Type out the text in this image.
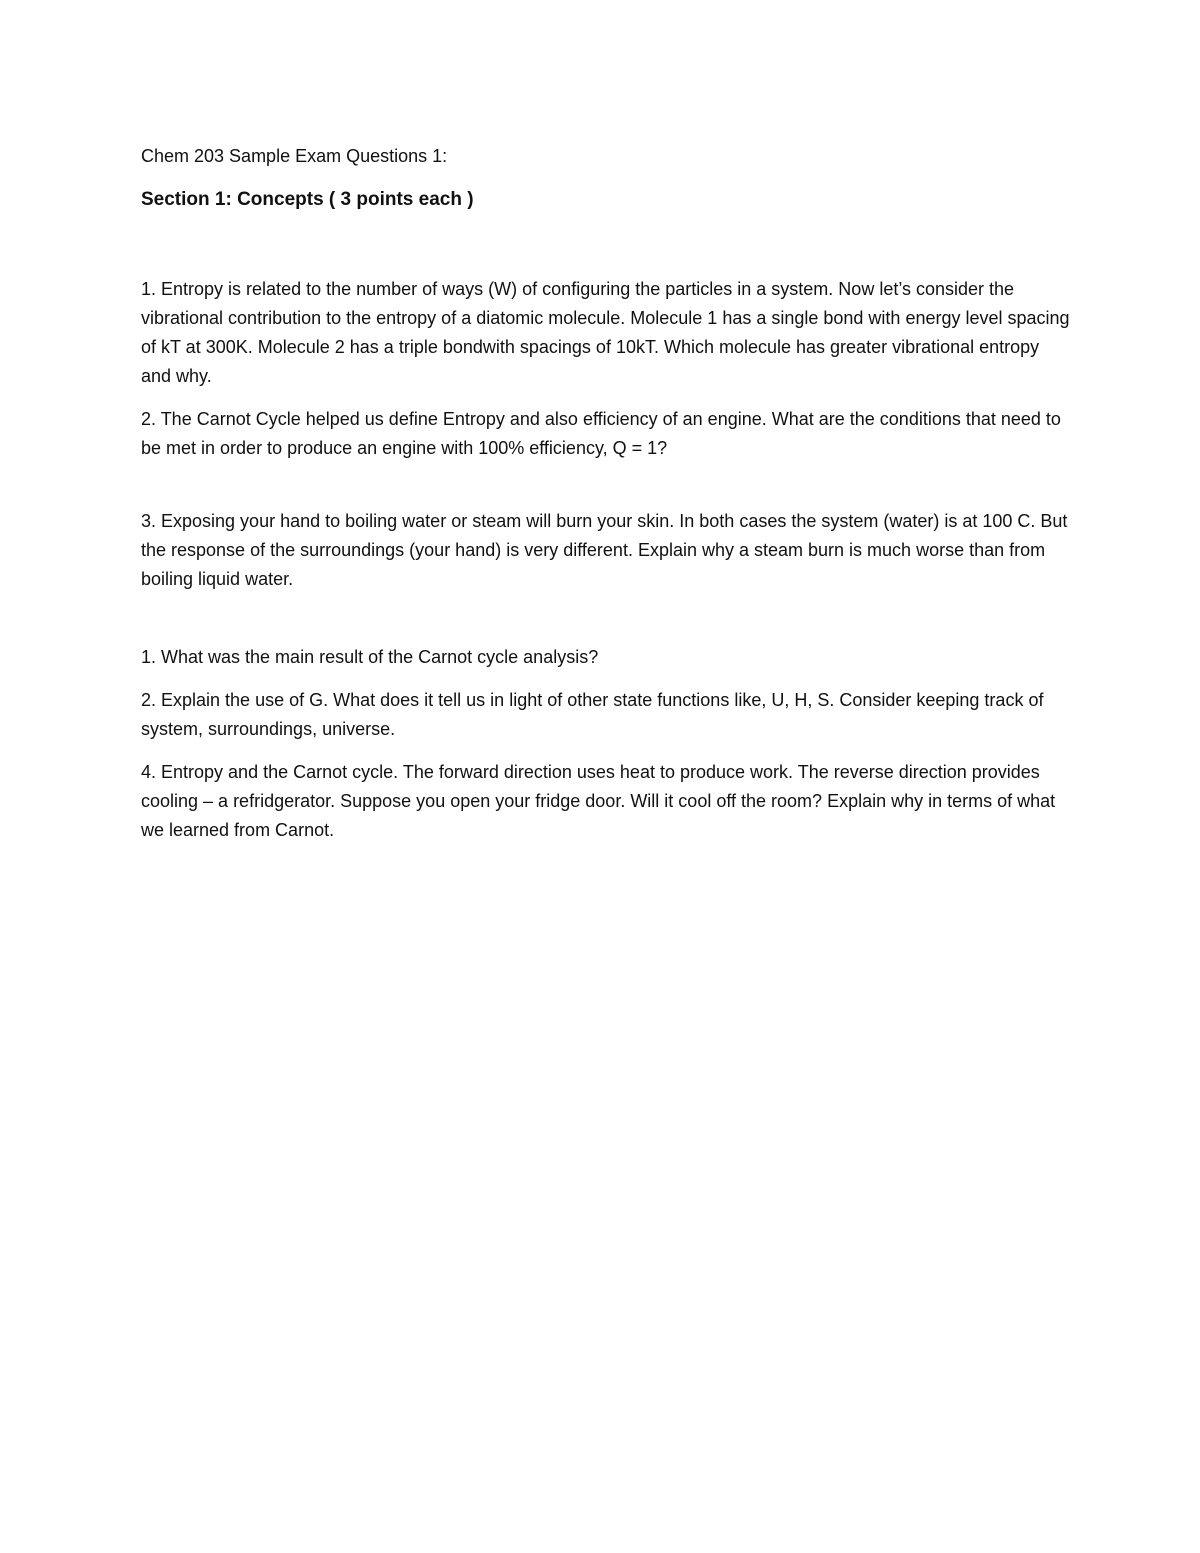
Chem 203 Sample Exam Questions 1:

Section 1: Concepts ( 3 points each )

1. Entropy is related to the number of ways (W) of configuring the particles in a system. Now let’s consider the vibrational contribution to the entropy of a diatomic molecule. Molecule 1 has a single bond with energy level spacing of kT at 300K. Molecule 2 has a triple bondwith spacings of 10kT. Which molecule has greater vibrational entropy and why.

2. The Carnot Cycle helped us define Entropy and also efficiency of an engine. What are the conditions that need to be met in order to produce an engine with 100% efficiency, Q = 1?

3. Exposing your hand to boiling water or steam will burn your skin. In both cases the system (water) is at 100 C. But the response of the surroundings (your hand) is very different. Explain why a steam burn is much worse than from boiling liquid water.

1. What was the main result of the Carnot cycle analysis?

2. Explain the use of G. What does it tell us in light of other state functions like, U, H, S. Consider keeping track of system, surroundings, universe.

4. Entropy and the Carnot cycle. The forward direction uses heat to produce work. The reverse direction provides cooling – a refridgerator. Suppose you open your fridge door. Will it cool off the room? Explain why in terms of what we learned from Carnot.
